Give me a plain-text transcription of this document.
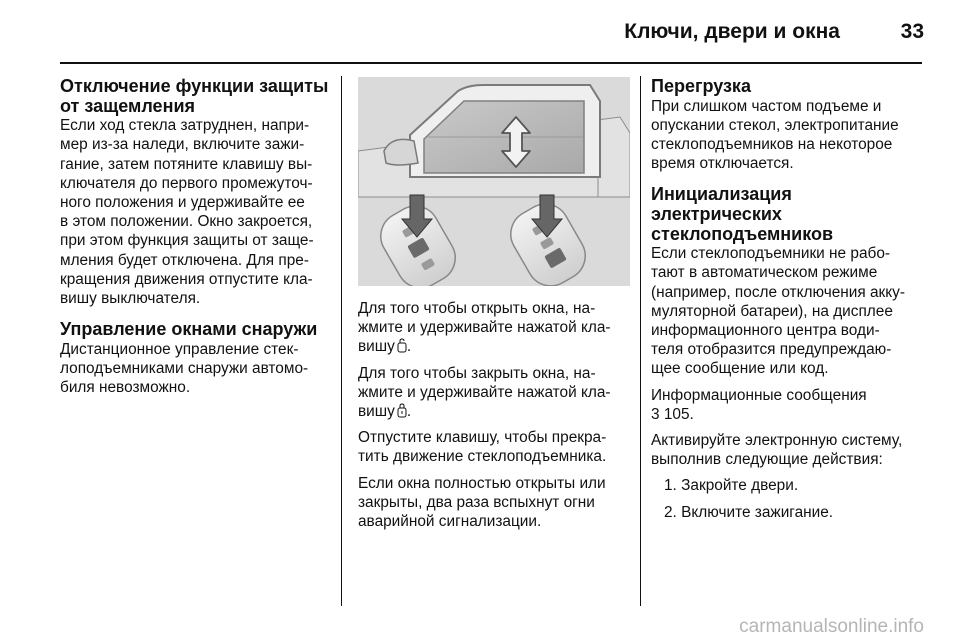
Ключи, двери и окна	33
Отключение функции защиты
от защемления

Если ход стекла затруднен, напри-
мер из-за наледи, включите зажи-
гание, затем потяните клавишу вы-
ключателя до первого промежуточ-
ного положения и удерживайте ее
в этом положении. Окно закроется,
при этом функция защиты от заще-
мления будет отключена. Для пре-
кращения движения отпустите кла-
вишу выключателя.

Управление окнами снаружи

Дистанционное управление стек-
лоподъемниками снаружи автомо-
биля невозможно.

Для того чтобы открыть окна, на-
жмите и удерживайте нажатой кла-
вишу .

Для того чтобы закрыть окна, на-
жмите и удерживайте нажатой кла-
вишу .

Отпустите клавишу, чтобы прекра-
тить движение стеклоподъемника.

Если окна полностью открыты или
закрыты, два раза вспыхнут огни
аварийной сигнализации.

Перегрузка

При слишком частом подъеме и
опускании стекол, электропитание
стеклоподъемников на некоторое
время отключается.

Инициализация
электрических
стеклоподъемников

Если стеклоподъемники не рабо-
тают в автоматическом режиме
(например, после отключения акку-
муляторной батареи), на дисплее
информационного центра води-
теля отобразится предупреждаю-
щее сообщение или код.

Информационные сообщения
3 105.

Активируйте электронную систему,
выполнив следующие действия:

1. Закройте двери.
2. Включите зажигание.
carmanualsonline.info
